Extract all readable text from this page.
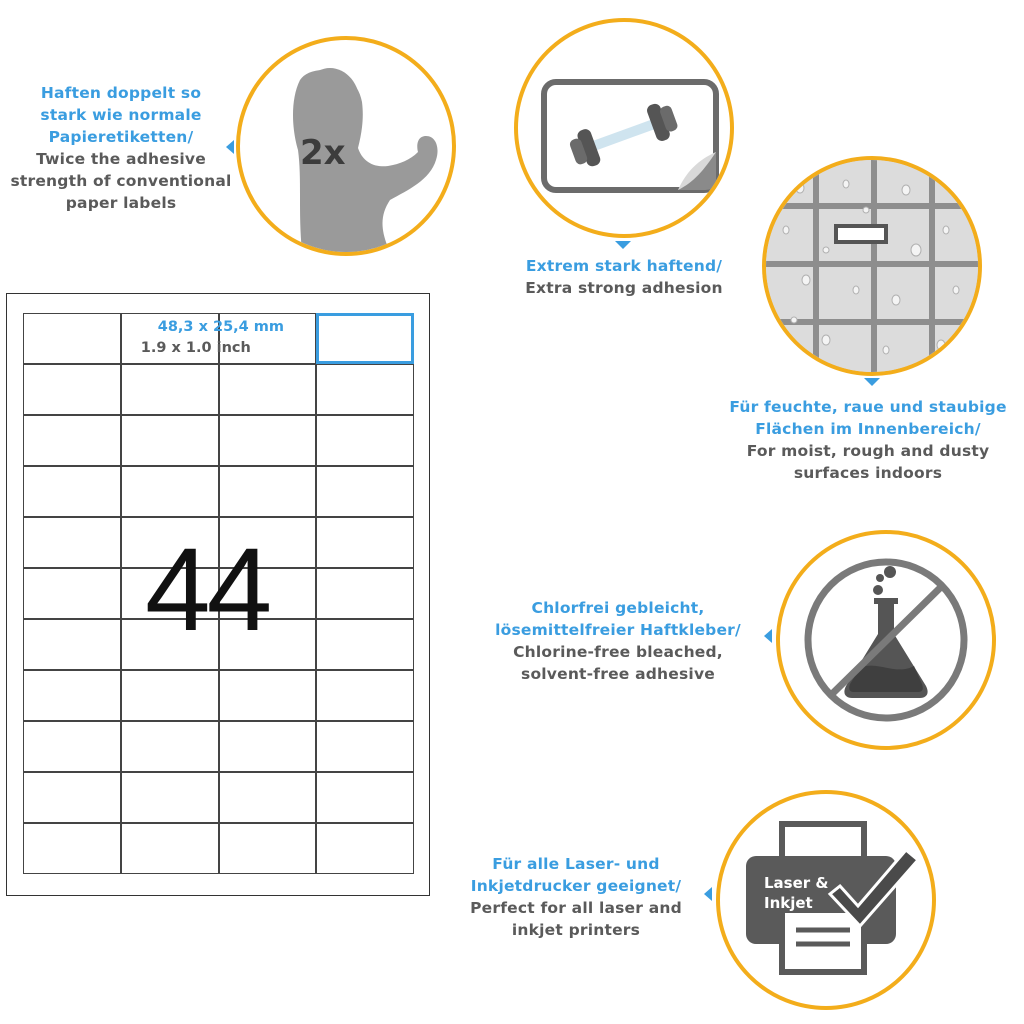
Haften doppelt so
stark wie normale
Papieretiketten/
Twice the adhesive
strength of conventional
paper labels
2x
Extrem stark haftend/
Extra strong adhesion
Für feuchte, raue und staubige
Flächen im Innenbereich/
For moist, rough and dusty
surfaces indoors
Chlorfrei gebleicht,
lösemittelfreier Haftkleber/
Chlorine-free bleached,
solvent-free adhesive
Für alle Laser- und
Inkjetdrucker geeignet/
Perfect for all laser and
inkjet printers
Laser &
Inkjet
48,3 x 25,4 mm
1.9 x 1.0 inch
44
